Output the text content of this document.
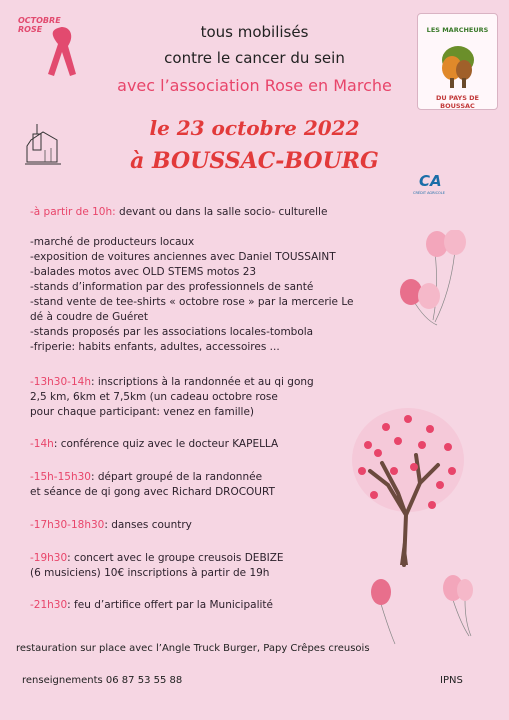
OCTOBRE ROSE	tous mobilisés
contre le cancer du sein
avec l’association Rose en Marche
le 23 octobre 2022
à BOUSSAC-BOURG
LES MARCHEURS
DU PAYS DE BOUSSAC
CA
CRÉDIT AGRICOLE
-à partir de 10h: devant ou dans la salle socio- culturelle
-marché de producteurs locaux
-exposition de voitures anciennes avec Daniel TOUSSAINT
-balades motos avec OLD STEMS motos 23
-stands d’information par des professionnels de santé
-stand vente de tee-shirts « octobre rose » par la mercerie Le
dé à coudre de Guéret
-stands proposés par les associations locales-tombola
-friperie: habits enfants, adultes, accessoires ...
-13h30-14h: inscriptions à la randonnée et au qi gong
2,5 km, 6km et 7,5km (un cadeau octobre rose
pour chaque participant: venez en famille)
-14h: conférence quiz avec le docteur KAPELLA
-15h-15h30: départ groupé de la randonnée
et séance de qi gong avec Richard DROCOURT
-17h30-18h30: danses country
-19h30: concert avec le groupe creusois DEBIZE
(6 musiciens) 10€ inscriptions à partir de 19h
-21h30: feu d’artifice offert par la Municipalité
restauration sur place avec l’Angle Truck Burger, Papy Crêpes creusois
renseignements 06 87 53 55 88	IPNS
